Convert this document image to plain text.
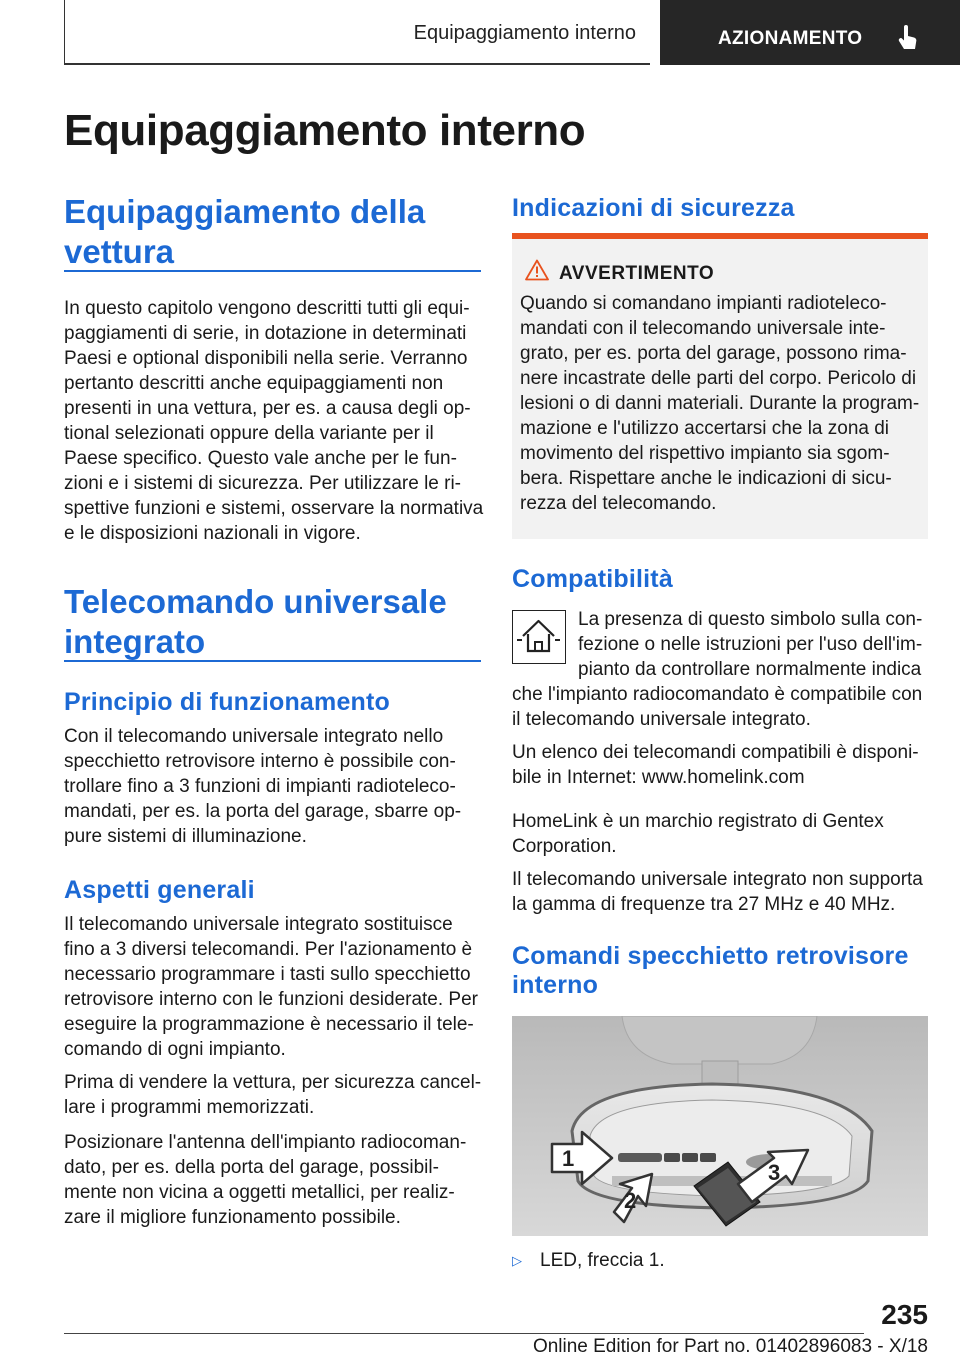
Equipaggiamento interno	AZIONAMENTO
Equipaggiamento interno
Equipaggiamento della
vettura

In questo capitolo vengono descritti tutti gli equi-
paggiamenti di serie, in dotazione in determinati
Paesi e optional disponibili nella serie. Verranno
pertanto descritti anche equipaggiamenti non
presenti in una vettura, per es. a causa degli op-
tional selezionati oppure della variante per il
Paese specifico. Questo vale anche per le fun-
zioni e i sistemi di sicurezza. Per utilizzare le ri-
spettive funzioni e sistemi, osservare la normativa
e le disposizioni nazionali in vigore.

Telecomando universale
integrato
Principio di funzionamento

Con il telecomando universale integrato nello
specchietto retrovisore interno è possibile con-
trollare fino a 3 funzioni di impianti radioteleco-
mandati, per es. la porta del garage, sbarre op-
pure sistemi di illuminazione.

Aspetti generali

Il telecomando universale integrato sostituisce
fino a 3 diversi telecomandi. Per l'azionamento è
necessario programmare i tasti sullo specchietto
retrovisore interno con le funzioni desiderate. Per
eseguire la programmazione è necessario il tele-
comando di ogni impianto.

Prima di vendere la vettura, per sicurezza cancel-
lare i programmi memorizzati.

Posizionare l'antenna dell'impianto radiocoman-
dato, per es. della porta del garage, possibil-
mente non vicina a oggetti metallici, per realiz-
zare il migliore funzionamento possibile.

Indicazioni di sicurezza
AVVERTIMENTO
Quando si comandano impianti radioteleco-
mandati con il telecomando universale inte-
grato, per es. porta del garage, possono rima-
nere incastrate delle parti del corpo. Pericolo di
lesioni o di danni materiali. Durante la program-
mazione e l'utilizzo accertarsi che la zona di
movimento del rispettivo impianto sia sgom-
bera. Rispettare anche le indicazioni di sicu-
rezza del telecomando.
Compatibilità

La presenza di questo simbolo sulla con-
fezione o nelle istruzioni per l'uso dell'im-
pianto da controllare normalmente indica

che l'impianto radiocomandato è compatibile con
il telecomando universale integrato.

Un elenco dei telecomandi compatibili è disponi-
bile in Internet: www.homelink.com

HomeLink è un marchio registrato di Gentex
Corporation.

Il telecomando universale integrato non supporta
la gamma di frequenze tra 27 MHz e 40 MHz.

Comandi specchietto retrovisore
interno
1
2
3
▷ LED, freccia 1.
235
Online Edition for Part no. 01402896083 - X/18
